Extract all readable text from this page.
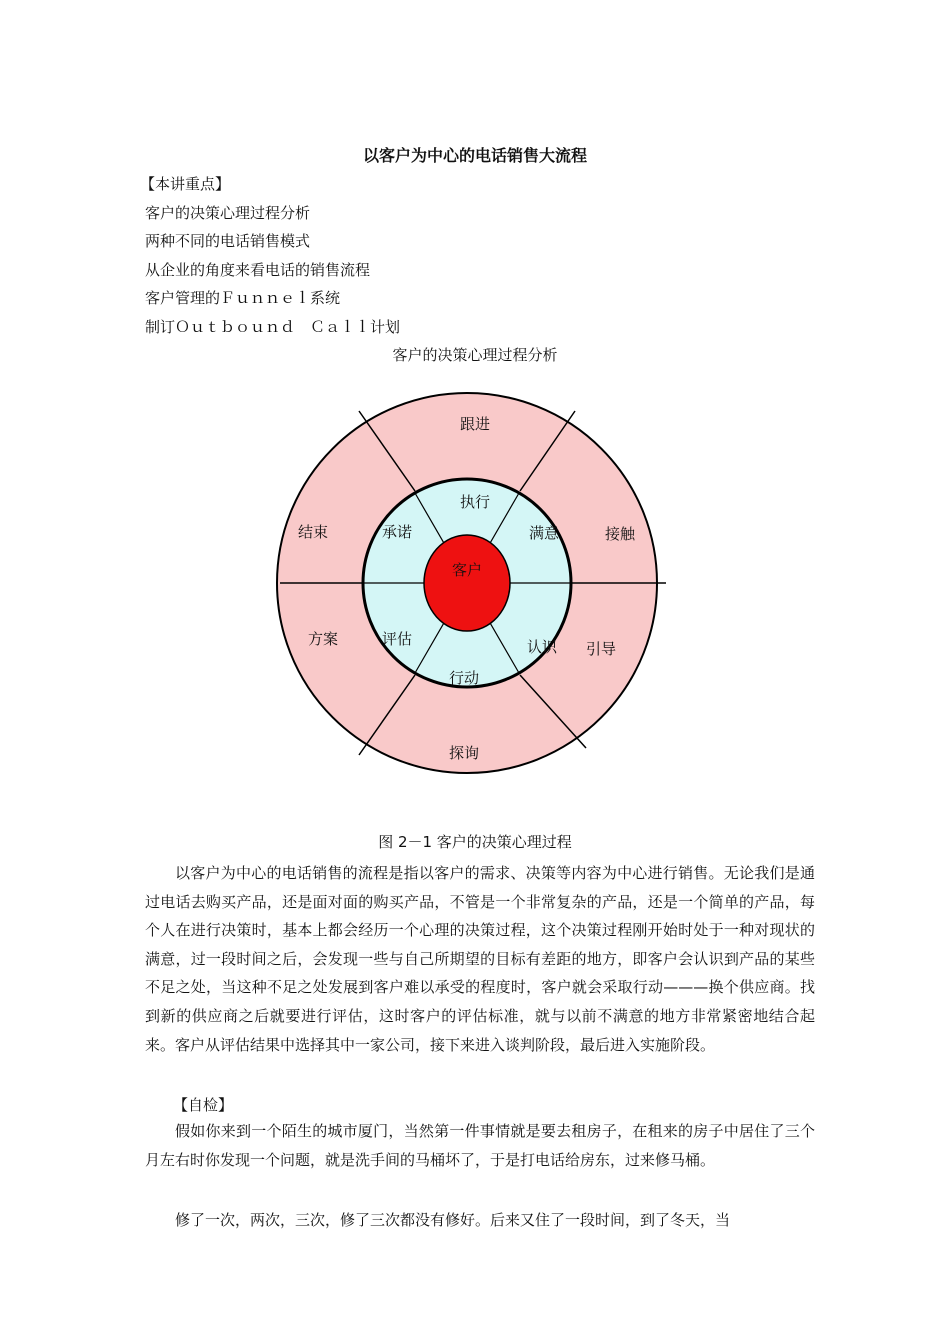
以客户为中心的电话销售大流程
【本讲重点】
客户的决策心理过程分析
两种不同的电话销售模式
从企业的角度来看电话的销售流程
客户管理的Ｆｕｎｎｅｌ系统
制订Ｏｕｔｂｏｕｎｄ　Ｃａｌｌ计划
客户的决策心理过程分析
客户
跟进
接触
引导
探询
方案
结束
执行
满意
认识
行动
评估
承诺
图 2－1 客户的决策心理过程

以客户为中心的电话销售的流程是指以客户的需求、决策等内容为中心进行销售。无论我们是通过电话去购买产品，还是面对面的购买产品，不管是一个非常复杂的产品，还是一个简单的产品，每个人在进行决策时，基本上都会经历一个心理的决策过程，这个决策过程刚开始时处于一种对现状的满意，过一段时间之后，会发现一些与自己所期望的目标有差距的地方，即客户会认识到产品的某些不足之处，当这种不足之处发展到客户难以承受的程度时，客户就会采取行动———换个供应商。找到新的供应商之后就要进行评估，这时客户的评估标准，就与以前不满意的地方非常紧密地结合起来。客户从评估结果中选择其中一家公司，接下来进入谈判阶段，最后进入实施阶段。

【自检】

假如你来到一个陌生的城市厦门，当然第一件事情就是要去租房子，在租来的房子中居住了三个月左右时你发现一个问题，就是洗手间的马桶坏了，于是打电话给房东，过来修马桶。

修了一次，两次，三次，修了三次都没有修好。后来又住了一段时间，到了冬天，当
